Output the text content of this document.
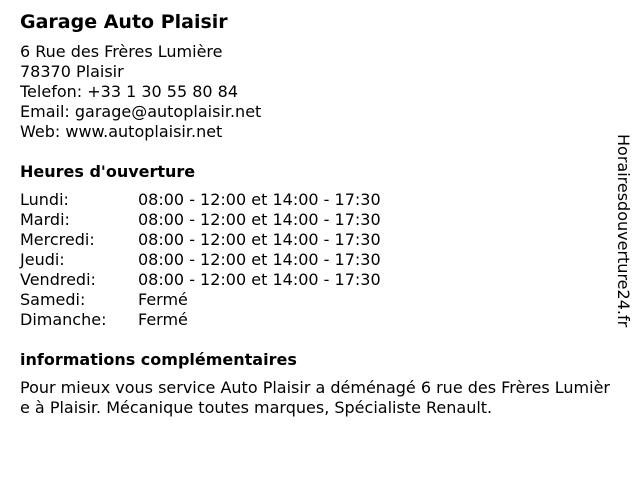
Garage Auto Plaisir
6 Rue des Frères Lumière
78370 Plaisir
Telefon: +33 1 30 55 80 84
Email: garage@autoplaisir.net
Web: www.autoplaisir.net
Heures d'ouverture
Lundi:	08:00 - 12:00 et 14:00 - 17:30
Mardi:	08:00 - 12:00 et 14:00 - 17:30
Mercredi:	08:00 - 12:00 et 14:00 - 17:30
Jeudi:	08:00 - 12:00 et 14:00 - 17:30
Vendredi:	08:00 - 12:00 et 14:00 - 17:30
Samedi:	Fermé
Dimanche:	Fermé
informations complémentaires
Pour mieux vous service Auto Plaisir a déménagé 6 rue des Frères Lumière à Plaisir. Mécanique toutes marques, Spécialiste Renault.
Horairesdouverture24.fr
